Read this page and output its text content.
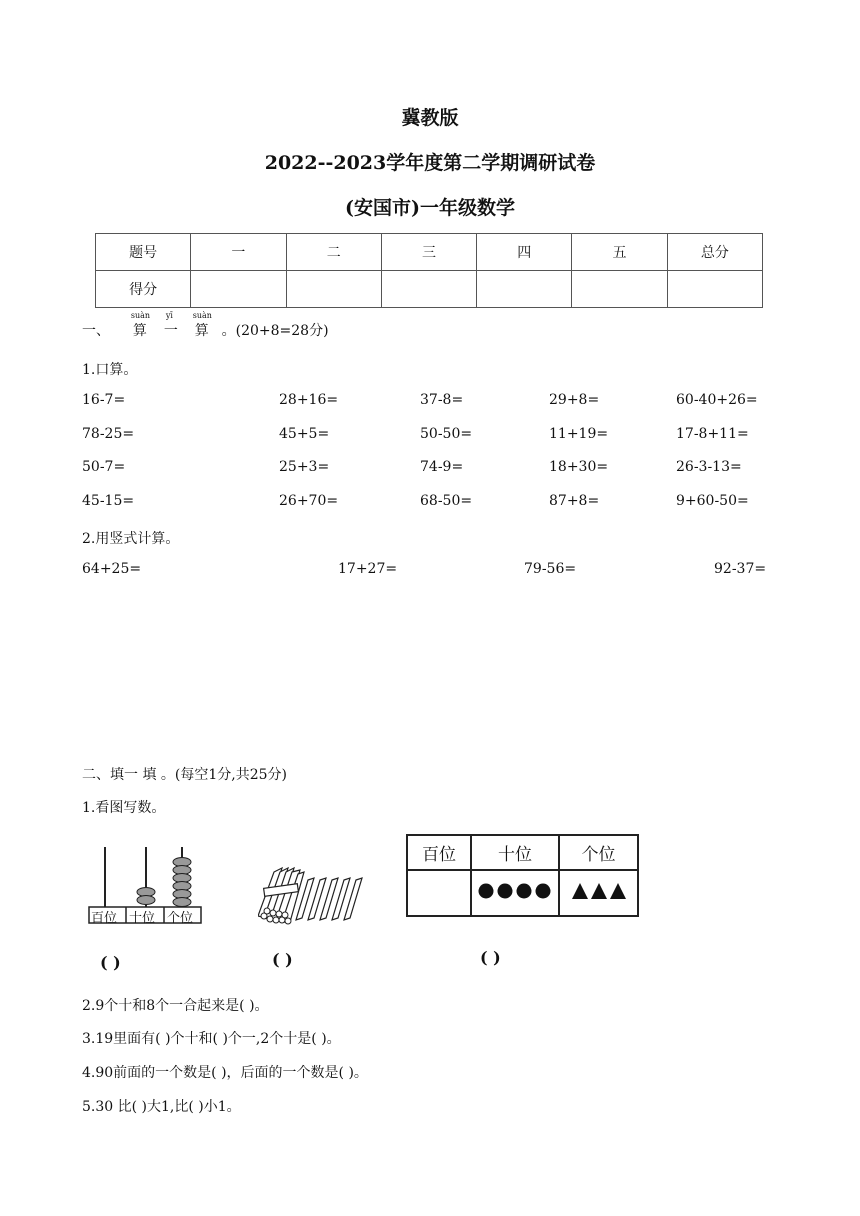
冀教版
2022--2023学年度第二学期调研试卷
(安国市)一年级数学
题号	一	二	三	四	五	总分
得分						
一、
suàn
算
yī
一
suàn
算 。(20+8=28分)
1.口算。
16-7=	28+16=	37-8=	29+8=	60-40+26=
78-25=	45+5=	50-50=	11+19=	17-8+11=
50-7=	25+3=	74-9=	18+30=	26-3-13=
45-15=	26+70=	68-50=	87+8=	9+60-50=
2.用竖式计算。
64+25=	17+27=	79-56=	92-37=
二、填一 填 。(每空1分,共25分)
1.看图写数。
百位 十位 个位
百位	十位	个位

( )	( )	( )
2.9个十和8个一合起来是( )。
3.19里面有( )个十和( )个一,2个十是( )。
4.90前面的一个数是( )，后面的一个数是( )。
5.30 比( )大1,比( )小1。
